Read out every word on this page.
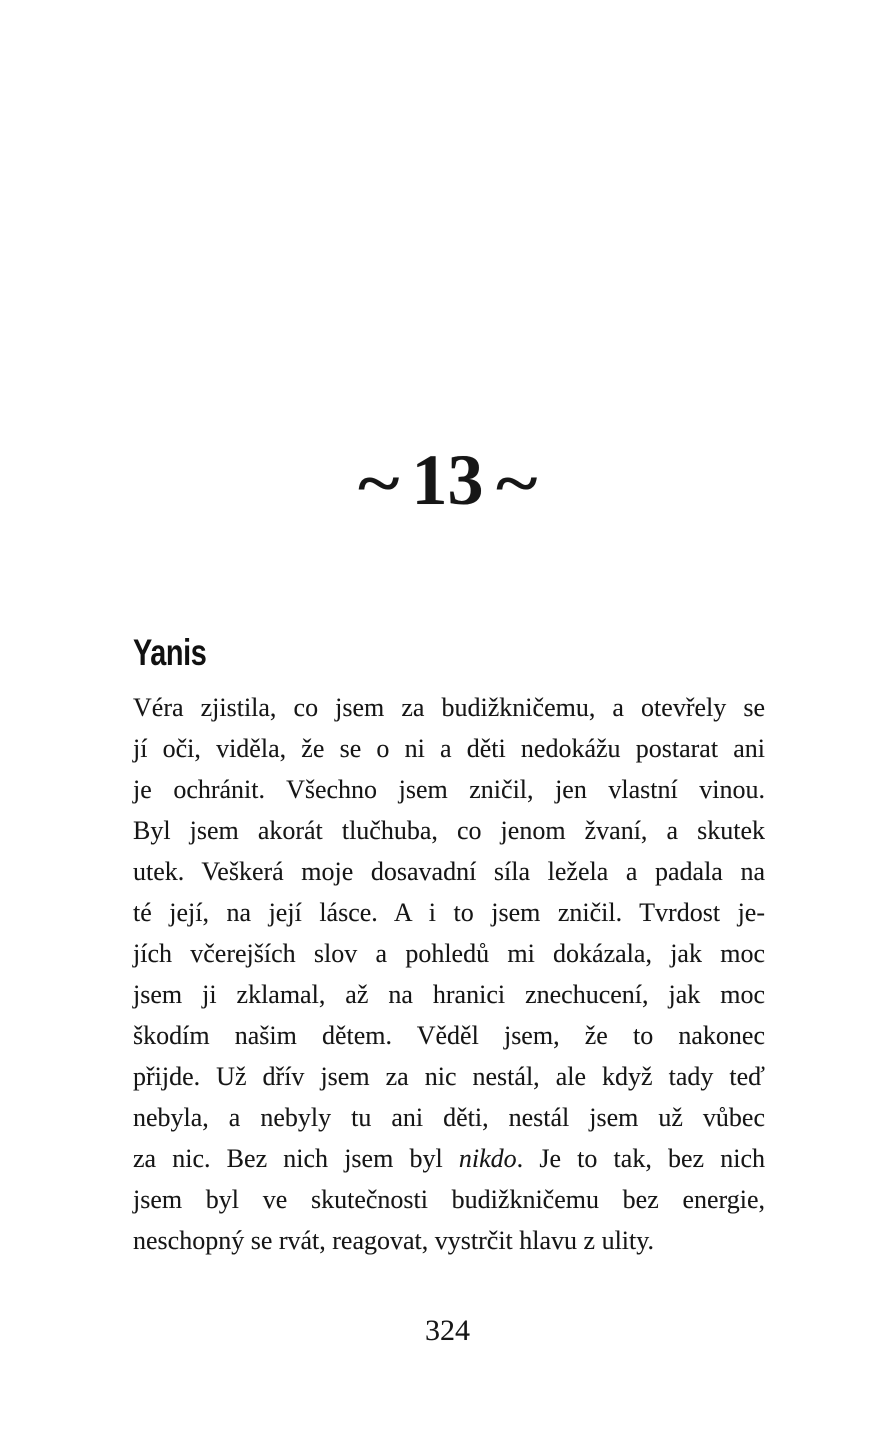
~ 13 ~
Yanis
Véra zjistila, co jsem za budižkničemu, a otevřely se
jí oči, viděla, že se o ni a děti nedokážu postarat ani
je ochránit. Všechno jsem zničil, jen vlastní vinou.
Byl jsem akorát tlučhuba, co jenom žvaní, a skutek
utek. Veškerá moje dosavadní síla ležela a padala na
té její, na její lásce. A i to jsem zničil. Tvrdost je-
jích včerejších slov a pohledů mi dokázala, jak moc
jsem ji zklamal, až na hranici znechucení, jak moc
škodím našim dětem. Věděl jsem, že to nakonec
přijde. Už dřív jsem za nic nestál, ale když tady teď
nebyla, a nebyly tu ani děti, nestál jsem už vůbec
za nic. Bez nich jsem byl nikdo. Je to tak, bez nich
jsem byl ve skutečnosti budižkničemu bez energie,
neschopný se rvát, reagovat, vystrčit hlavu z ulity.
324
